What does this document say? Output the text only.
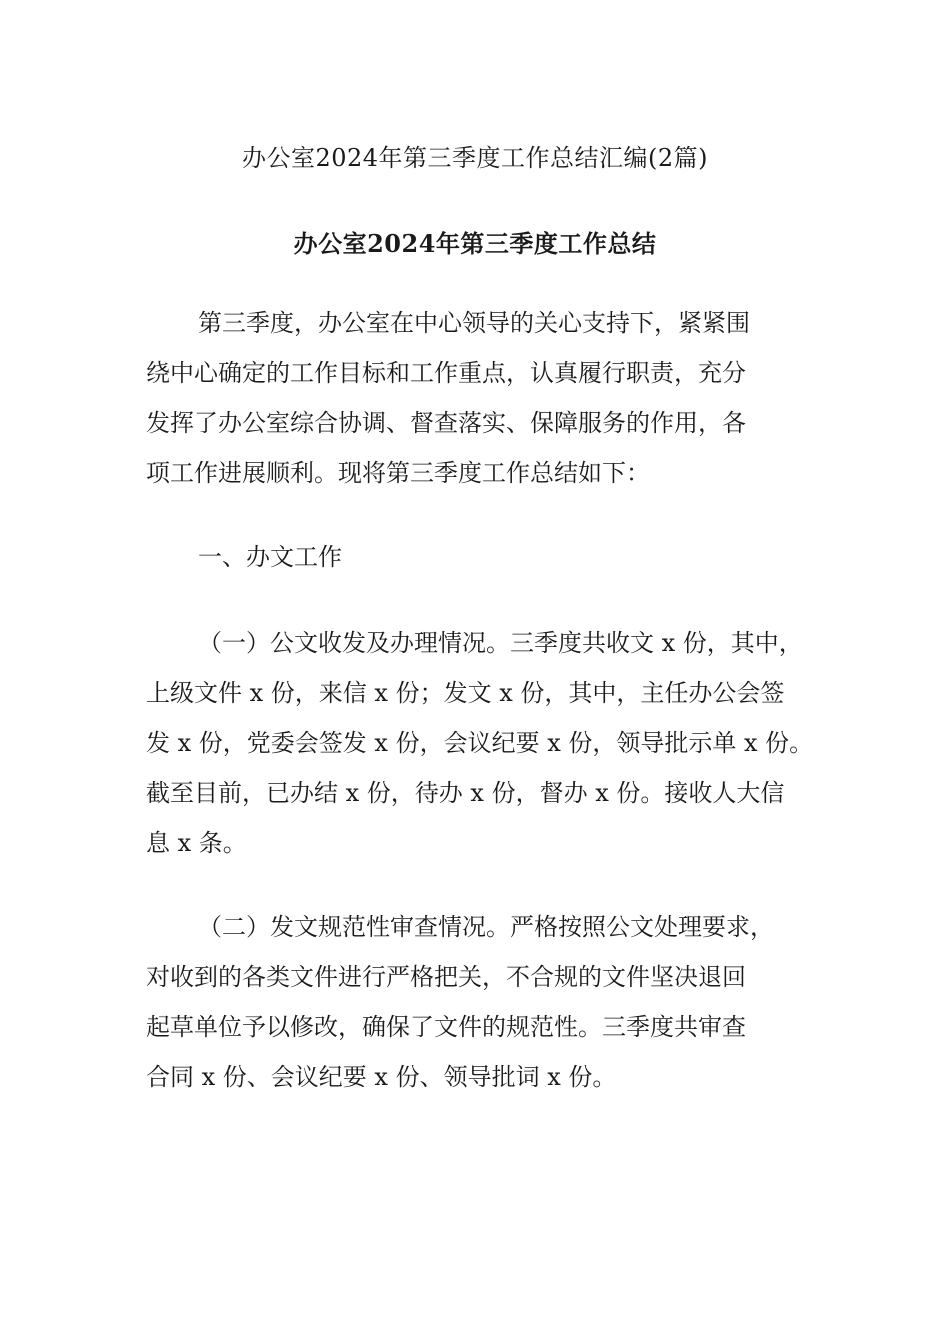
办公室2024年第三季度工作总结汇编(2篇)
办公室2024年第三季度工作总结
第三季度，办公室在中心领导的关心支持下，紧紧围
绕中心确定的工作目标和工作重点，认真履行职责，充分
发挥了办公室综合协调、督查落实、保障服务的作用，各
项工作进展顺利。现将第三季度工作总结如下：
一、办文工作
（一）公文收发及办理情况。三季度共收文 x 份，其中，
上级文件 x 份，来信 x 份；发文 x 份，其中，主任办公会签
发 x 份，党委会签发 x 份，会议纪要 x 份，领导批示单 x 份。
截至目前，已办结 x 份，待办 x 份，督办 x 份。接收人大信
息 x 条。
（二）发文规范性审查情况。严格按照公文处理要求，
对收到的各类文件进行严格把关，不合规的文件坚决退回
起草单位予以修改，确保了文件的规范性。三季度共审查
合同 x 份、会议纪要 x 份、领导批词 x 份。
